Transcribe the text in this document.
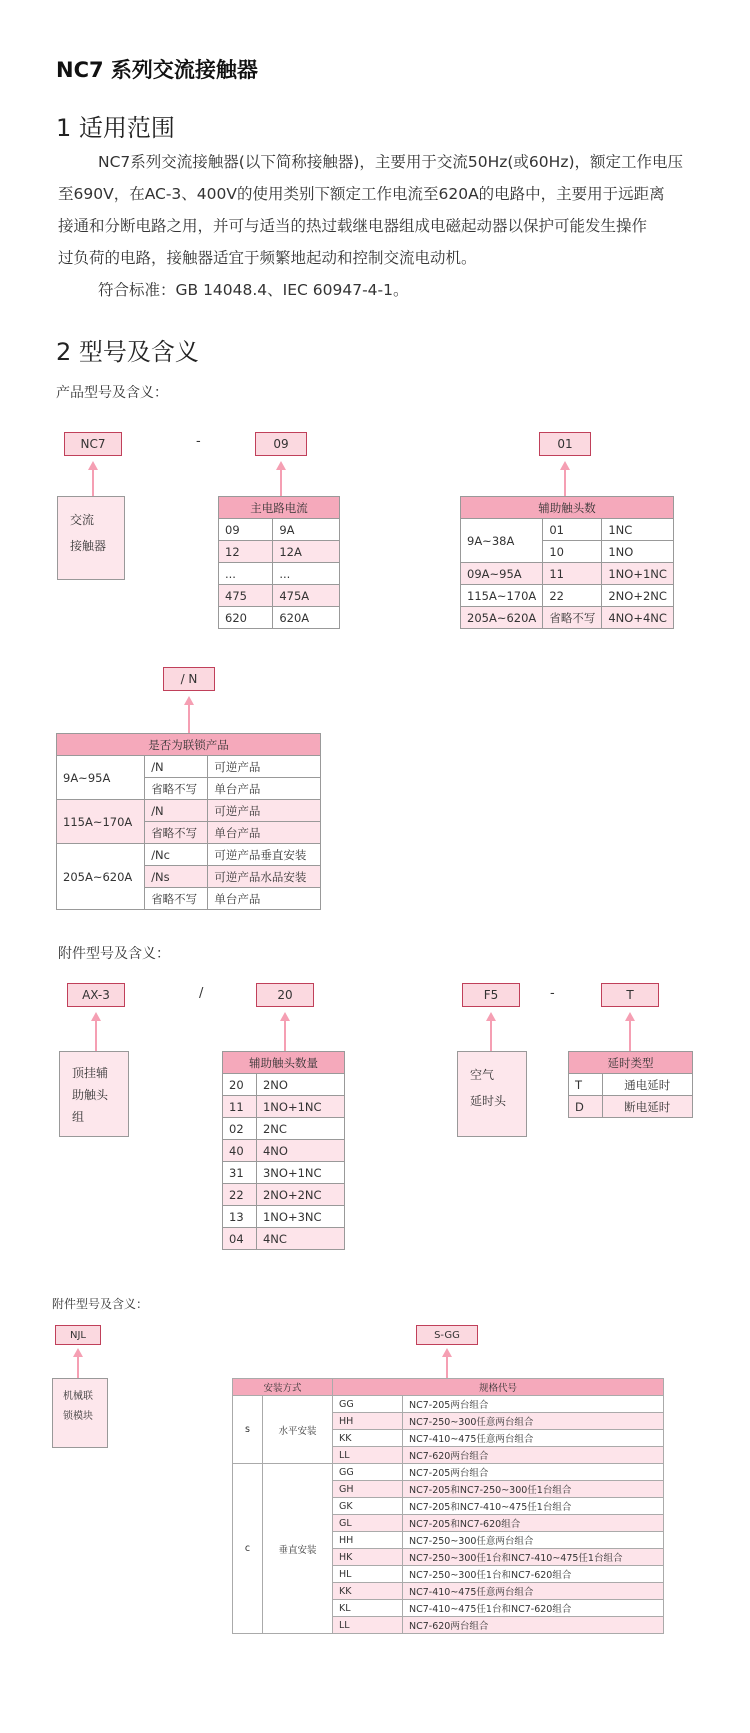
NC7 系列交流接触器
1 适用范围
NC7系列交流接触器(以下简称接触器)，主要用于交流50Hz(或60Hz)，额定工作电压
至690V，在AC-3、400V的使用类别下额定工作电流至620A的电路中，主要用于远距离
接通和分断电路之用，并可与适当的热过载继电器组成电磁起动器以保护可能发生操作
过负荷的电路，接触器适宜于频繁地起动和控制交流电动机。
符合标准：GB 14048.4、IEC 60947-4-1。
2 型号及含义
产品型号及含义：
NC7
交流
接触器
-	09
主电路电流	
09	9A
12	12A
...	...
475	475A
620	620A
01
辅助触头数		
9A~38A	01	1NC
	10	1NO
09A~95A	11	1NO+1NC
115A~170A	22	2NO+2NC
205A~620A	省略不写	4NO+4NC
/ N
是否为联锁产品		
9A~95A	/N	可逆产品
	省略不写	单台产品
115A~170A	/N	可逆产品
	省略不写	单台产品
205A~620A	/Nc	可逆产品垂直安装
	/Ns	可逆产品水品安装
	省略不写	单台产品
附件型号及含义：
AX-3
顶挂辅
助触头
组
/	20
辅助触头数量	
20	2NO
11	1NO+1NC
02	2NC
40	4NO
31	3NO+1NC
22	2NO+2NC
13	1NO+3NC
04	4NC
F5
空气
延时头
-	T
延时类型	
T	通电延时
D	断电延时
附件型号及含义：
NJL
机械联
锁模块
S-GG
安装方式		规格代号	
s	水平安装	GG	NC7-205两台组合
		HH	NC7-250~300任意两台组合
		KK	NC7-410~475任意两台组合
		LL	NC7-620两台组合
c	垂直安装	GG	NC7-205两台组合
		GH	NC7-205和NC7-250~300任1台组合
		GK	NC7-205和NC7-410~475任1台组合
		GL	NC7-205和NC7-620组合
		HH	NC7-250~300任意两台组合
		HK	NC7-250~300任1台和NC7-410~475任1台组合
		HL	NC7-250~300任1台和NC7-620组合
		KK	NC7-410~475任意两台组合
		KL	NC7-410~475任1台和NC7-620组合
		LL	NC7-620两台组合
